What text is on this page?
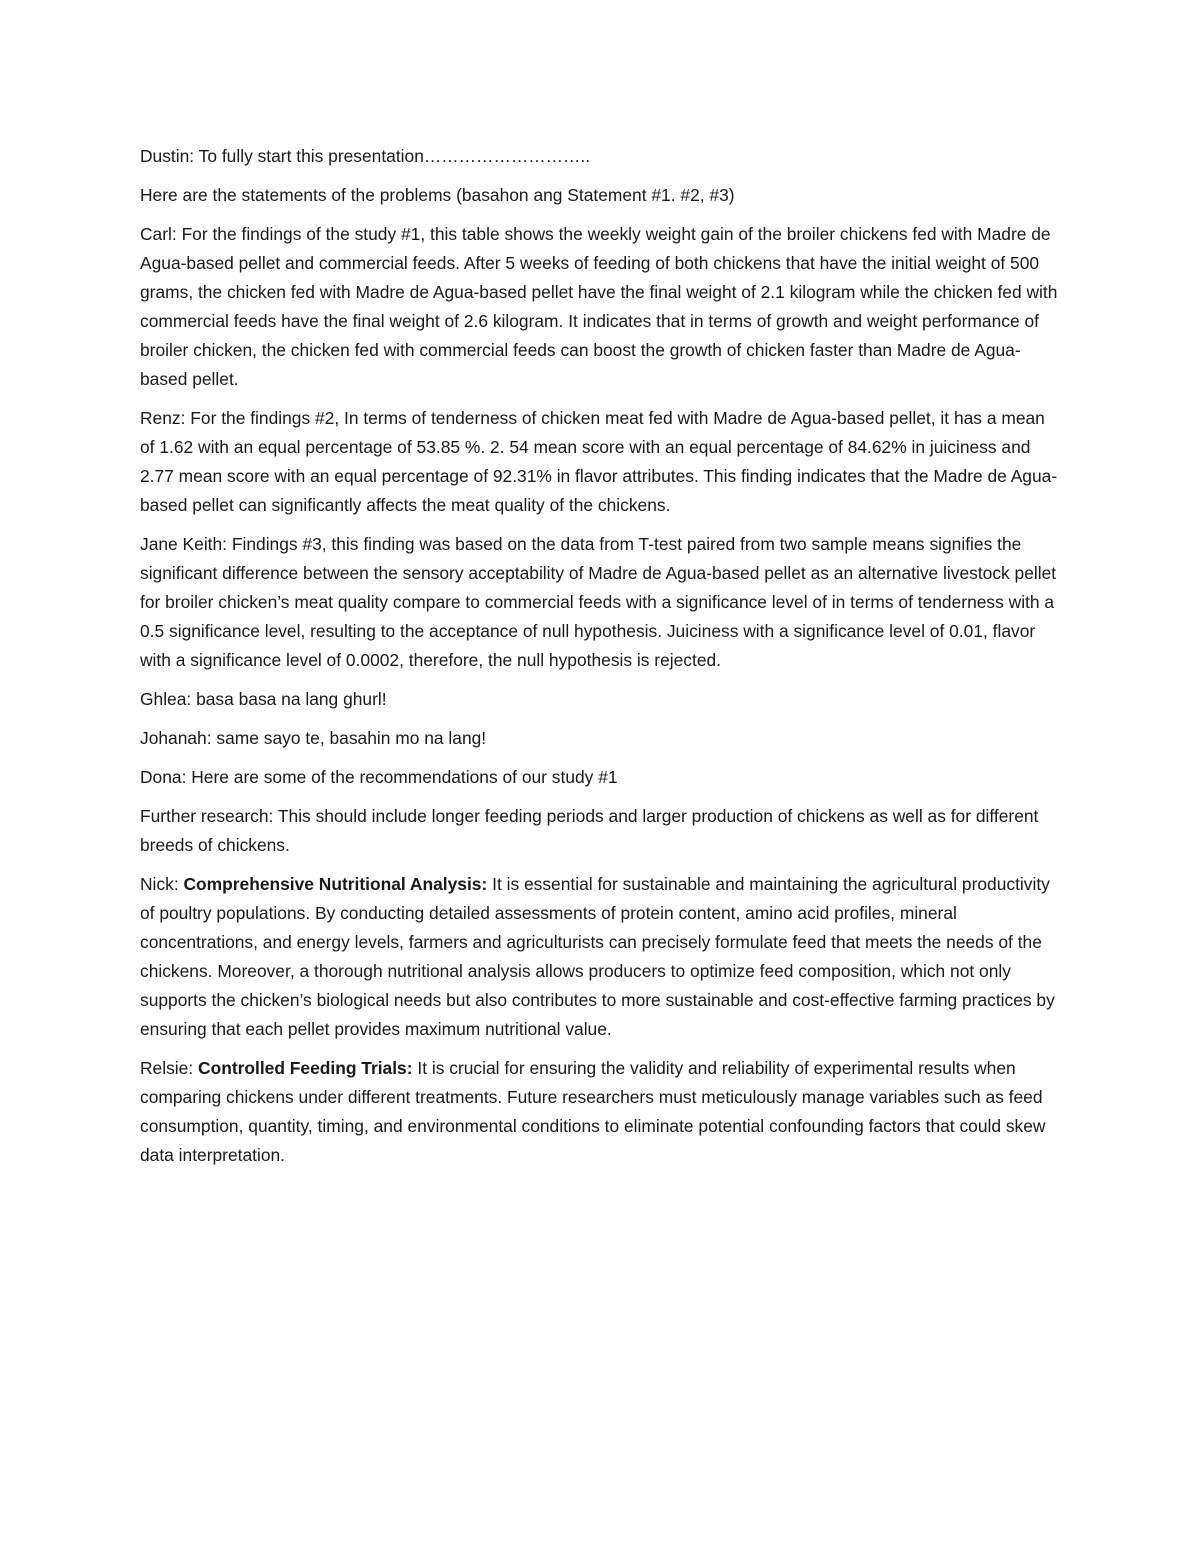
Dustin: To fully start this presentation………………………..

Here are the statements of the problems (basahon ang Statement #1. #2, #3)

Carl: For the findings of the study #1, this table shows the weekly weight gain of the broiler chickens fed with Madre de Agua-based pellet and commercial feeds. After 5 weeks of feeding of both chickens that have the initial weight of 500 grams, the chicken fed with Madre de Agua-based pellet have the final weight of 2.1 kilogram while the chicken fed with commercial feeds have the final weight of 2.6 kilogram. It indicates that in terms of growth and weight performance of broiler chicken, the chicken fed with commercial feeds can boost the growth of chicken faster than Madre de Agua-based pellet.

Renz: For the findings #2, In terms of tenderness of chicken meat fed with Madre de Agua-based pellet, it has a mean of 1.62 with an equal percentage of 53.85 %. 2. 54 mean score with an equal percentage of 84.62% in juiciness and 2.77 mean score with an equal percentage of 92.31% in flavor attributes. This finding indicates that the Madre de Agua-based pellet can significantly affects the meat quality of the chickens.

Jane Keith: Findings #3, this finding was based on the data from T-test paired from two sample means signifies the significant difference between the sensory acceptability of Madre de Agua-based pellet as an alternative livestock pellet for broiler chicken’s meat quality compare to commercial feeds with a significance level of in terms of tenderness with a 0.5 significance level, resulting to the acceptance of null hypothesis. Juiciness with a significance level of 0.01, flavor with a significance level of 0.0002, therefore, the null hypothesis is rejected.

Ghlea: basa basa na lang ghurl!

Johanah: same sayo te, basahin mo na lang!

Dona: Here are some of the recommendations of our study #1

Further research: This should include longer feeding periods and larger production of chickens as well as for different breeds of chickens.

Nick: Comprehensive Nutritional Analysis: It is essential for sustainable and maintaining the agricultural productivity of poultry populations. By conducting detailed assessments of protein content, amino acid profiles, mineral concentrations, and energy levels, farmers and agriculturists can precisely formulate feed that meets the needs of the chickens. Moreover, a thorough nutritional analysis allows producers to optimize feed composition, which not only supports the chicken’s biological needs but also contributes to more sustainable and cost-effective farming practices by ensuring that each pellet provides maximum nutritional value.

Relsie: Controlled Feeding Trials: It is crucial for ensuring the validity and reliability of experimental results when comparing chickens under different treatments. Future researchers must meticulously manage variables such as feed consumption, quantity, timing, and environmental conditions to eliminate potential confounding factors that could skew data interpretation.
